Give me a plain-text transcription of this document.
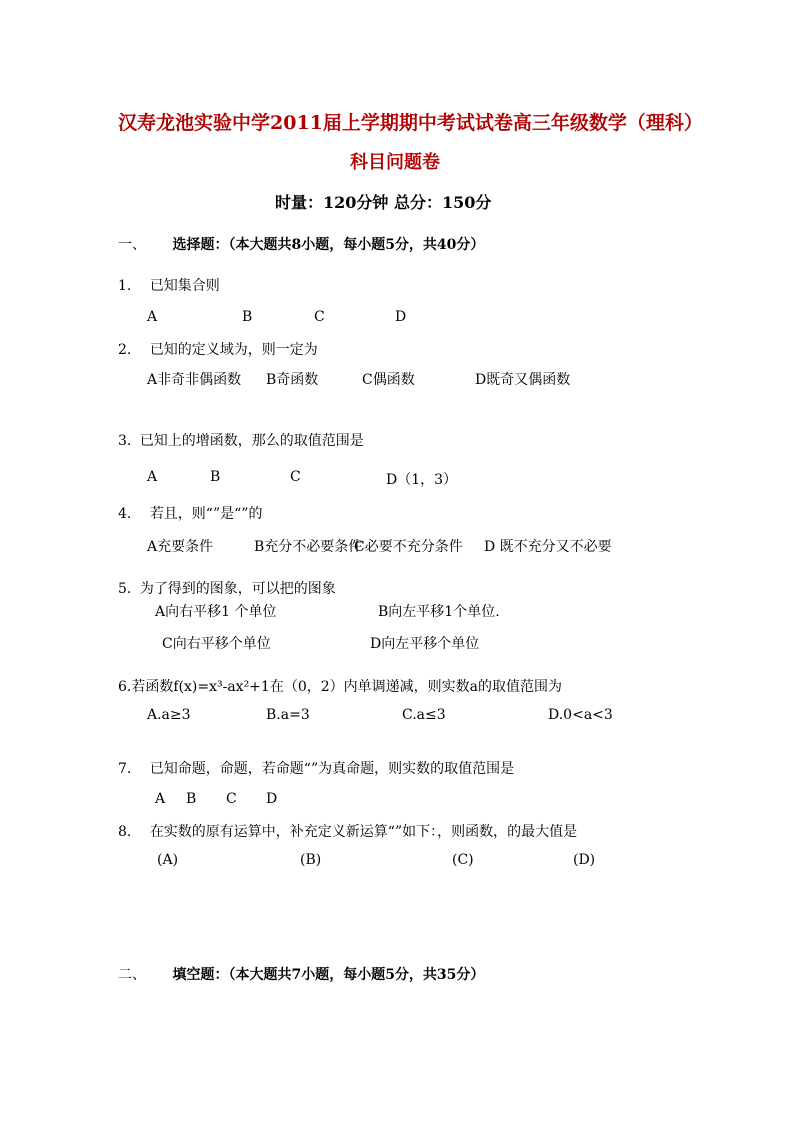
汉寿龙池实验中学2011届上学期期中考试试卷高三年级数学（理科）
科目问题卷
时量：120分钟 总分：150分
一、 选择题：（本大题共8小题，每小题5分，共40分）
1. 已知集合则
A	B	C	D
2. 已知的定义域为，则一定为
A非奇非偶函数 B奇函数	C偶函数	D既奇又偶函数
3. 已知上的增函数，那么的取值范围是
A	B	C	D（1，3）
4. 若且，则“”是“”的
A充要条件	B充分不必要条件
C必要不充分条件 D 既不充分又不必要
5. 为了得到的图象，可以把的图象
A向右平移1 个单位	B向左平移1个单位.
C向右平移个单位	D向左平移个单位
6.若函数f(x)=x³-ax²+1在（0，2）内单调递减，则实数a的取值范围为
A.a≥3	B.a=3	C.a≤3	D.0<a<3
7. 已知命题，命题，若命题“”为真命题，则实数的取值范围是
A B C D
8. 在实数的原有运算中，补充定义新运算“”如下：，则函数，的最大值是
(A)	(B)	(C)	(D)
二、 填空题：（本大题共7小题，每小题5分，共35分）
